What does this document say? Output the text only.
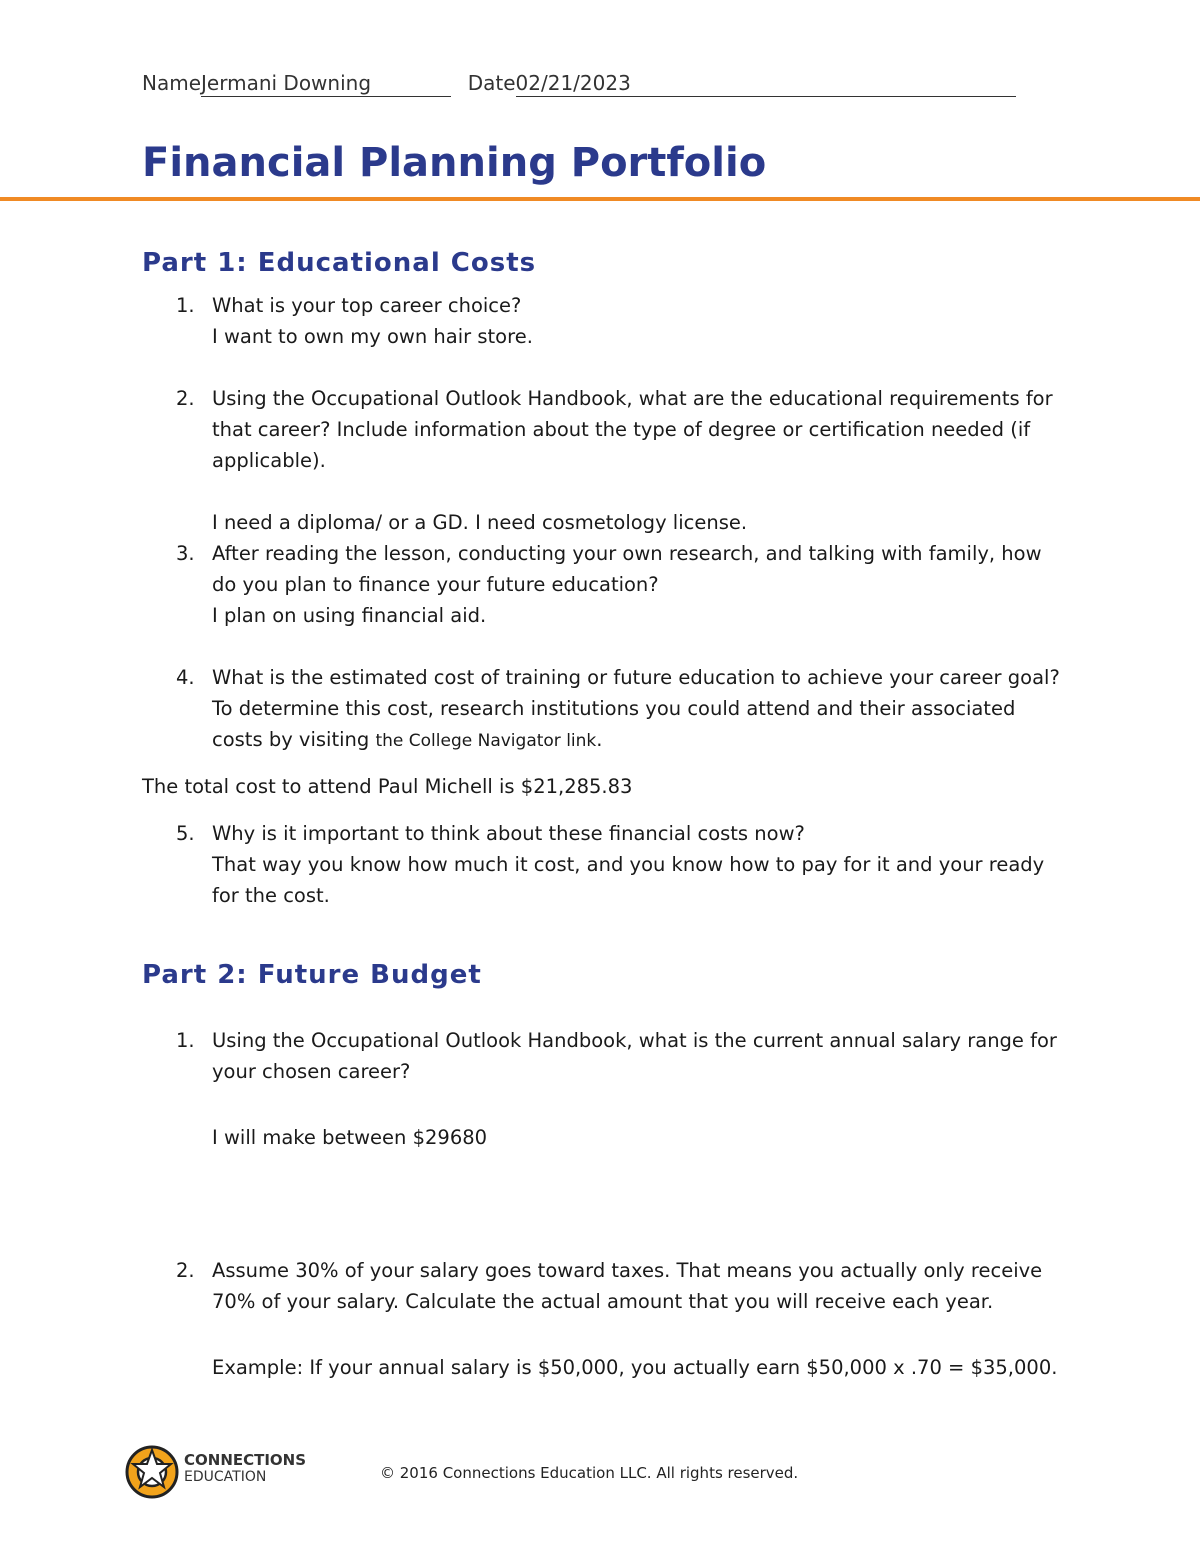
NameJermani Downing	Date02/21/2023
Financial Planning Portfolio
Part 1: Educational Costs
1. What is your top career choice?
I want to own my own hair store.
2. Using the Occupational Outlook Handbook, what are the educational requirements for that career? Include information about the type of degree or certification needed (if applicable).
I need a diploma/ or a GD. I need cosmetology license.
3. After reading the lesson, conducting your own research, and talking with family, how do you plan to finance your future education?
I plan on using financial aid.
4. What is the estimated cost of training or future education to achieve your career goal? To determine this cost, research institutions you could attend and their associated costs by visiting the College Navigator link.
The total cost to attend Paul Michell is $21,285.83
5. Why is it important to think about these financial costs now?
That way you know how much it cost, and you know how to pay for it and your ready for the cost.
Part 2: Future Budget
1. Using the Occupational Outlook Handbook, what is the current annual salary range for your chosen career?
I will make between $29680
2. Assume 30% of your salary goes toward taxes. That means you actually only receive 70% of your salary. Calculate the actual amount that you will receive each year.
Example: If your annual salary is $50,000, you actually earn $50,000 x .70 = $35,000.
CONNECTIONS
EDUCATION	© 2016 Connections Education LLC. All rights reserved.
